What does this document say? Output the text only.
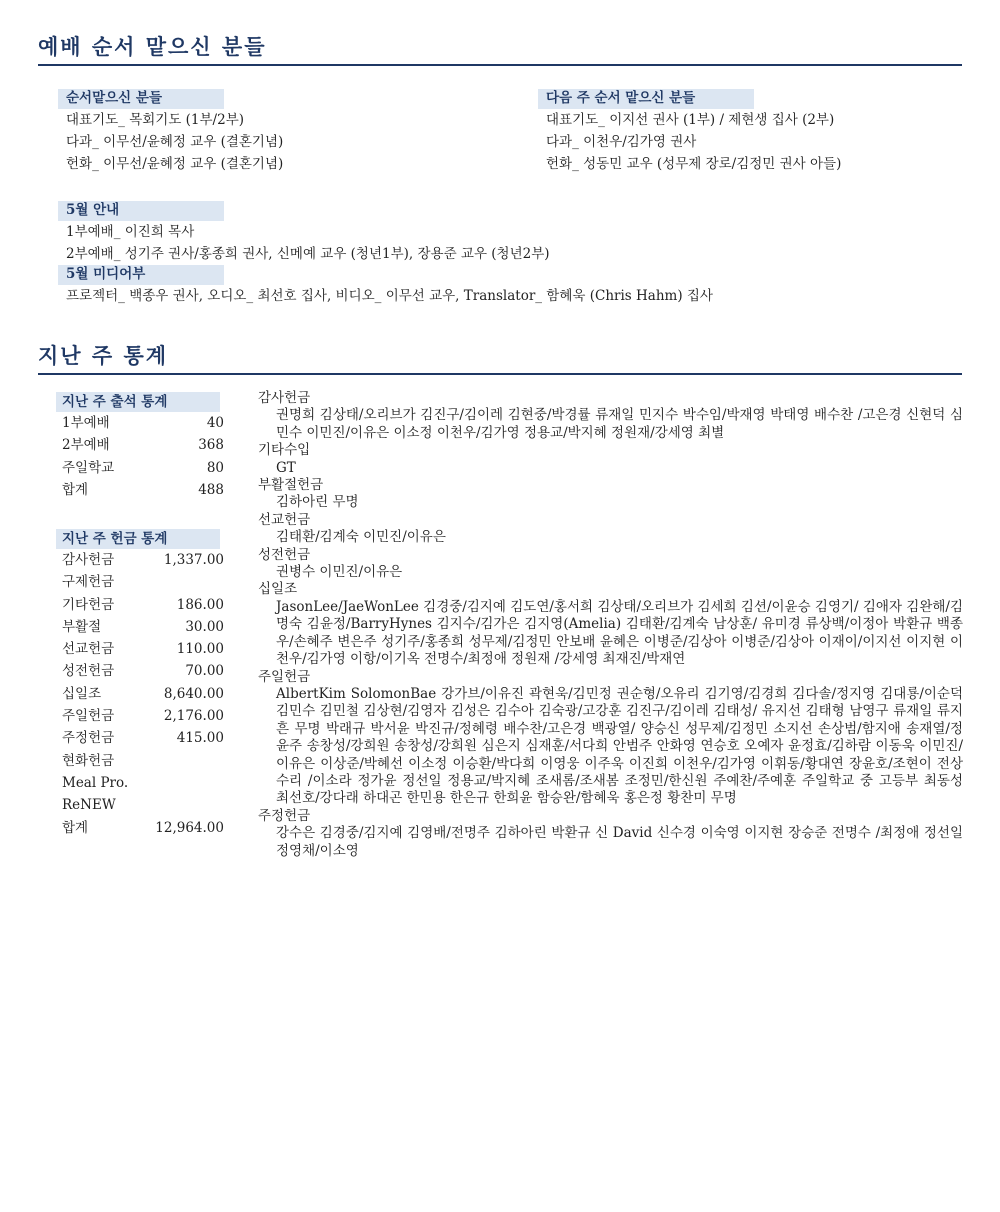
예배 순서 맡으신 분들
순서맡으신 분들
대표기도_ 목회기도 (1부/2부)
다과_ 이무선/윤혜정 교우 (결혼기념)
헌화_ 이무선/윤혜정 교우 (결혼기념)
다음 주 순서 맡으신 분들
대표기도_ 이지선 권사 (1부) / 제현생 집사 (2부)
다과_ 이천우/김가영 권사
헌화_ 성동민 교우 (성무제 장로/김정민 권사 아들)
5월 안내
1부예배_ 이진희 목사
2부예배_ 성기주 권사/홍종희 권사, 신메예 교우 (청년1부), 장용준 교우 (청년2부)
5월 미디어부
프로젝터_ 백종우 권사, 오디오_ 최선호 집사, 비디오_ 이무선 교우, Translator_ 함혜욱 (Chris Hahm) 집사
지난 주 통계
지난 주 출석 통계
1부예배	40
2부예배	368
주일학교	80
합계	488
지난 주 헌금 통계
감사헌금	1,337.00
구제헌금	
기타헌금	186.00
부활절	30.00
선교헌금	110.00
성전헌금	70.00
십일조	8,640.00
주일헌금	2,176.00
주정헌금	415.00
현화헌금	
Meal Pro.	
ReNEW	
합계	12,964.00
감사헌금
권명희 김상태/오리브가 김진구/김이레 김현중/박경률 류재일 민지수 박수임/박재영 박태영 배수찬 /고은경 신현덕 심민수 이민진/이유은 이소정 이천우/김가영 정용교/박지혜 정원재/강세영 최별
기타수입
GT
부활절헌금
김하아린 무명
선교헌금
김태환/김계숙 이민진/이유은
성전헌금
권병수 이민진/이유은
십일조
JasonLee/JaeWonLee 김경중/김지예 김도연/홍서희 김상태/오리브가 김세희 김션/이윤승 김영기/ 김애자 김완해/김명숙 김윤정/BarryHynes 김지수/김가은 김지영(Amelia) 김태환/김계숙 남상훈/ 유미경 류상백/이정아 박환규 백종우/손혜주 변은주 성기주/홍종희 성무제/김정민 안보배 윤혜은 이병준/김상아 이병준/김상아 이재이/이지선 이지현 이천우/김가영 이항/이기옥 전명수/최정애 정원재 /강세영 최재진/박재연
주일헌금
AlbertKim SolomonBae 강가브/이유진 곽현욱/김민정 권순형/오유리 김기영/김경희 김다솔/정지영 김대룡/이순덕 김민수 김민철 김상현/김영자 김성은 김수아 김숙광/고강훈 김진구/김이레 김태성/ 유지선 김태형 남영구 류재일 류지흔 무명 박래규 박서윤 박진규/정혜령 배수찬/고은경 백광열/ 양승신 성무제/김정민 소지선 손상범/함지애 송재열/정윤주 송창성/강희원 송창성/강희원 심은지 심재훈/서다희 안범주 안화영 연승호 오예자 윤정효/김하람 이동욱 이민진/이유은 이상준/박혜선 이소정 이승환/박다희 이영웅 이주욱 이진희 이천우/김가영 이휘동/황대연 장윤호/조현이 전상수리 /이소라 정가윤 정선일 정용교/박지혜 조새롬/조새봄 조정민/한신원 주예찬/주예훈 주일학교 중 고등부 최동성 최선호/강다래 하대곤 한민용 한은규 한희윤 함승완/함혜욱 홍은정 황찬미 무명
주정헌금
강수은 김경중/김지예 김영배/전명주 김하아린 박환규 신 David 신수경 이숙영 이지현 장승준 전명수 /최정애 정선일 정영채/이소영
